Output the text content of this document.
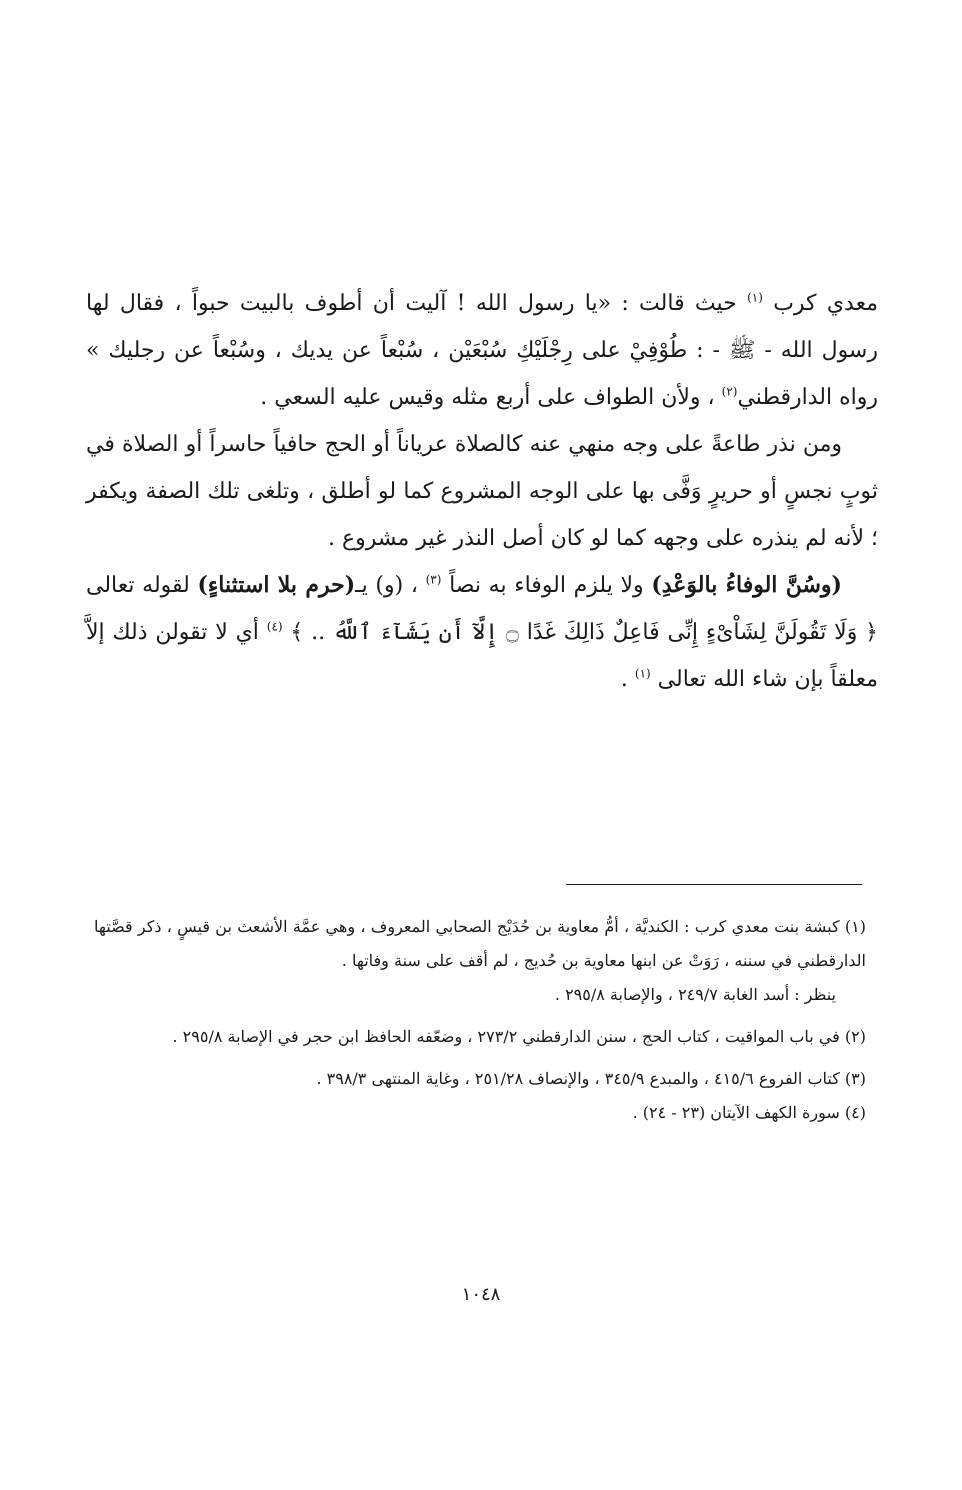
معدي كرب $^{(١)}$ حيث قالت : «يا رسول الله ! آليت أن أطوف بالبيت حبواً ، فقال لها رسول الله - ﷺ - : طُوْفِيْ على رِجْلَيْكِ سُبْعَيْن ، سُبْعاً عن يديك ، وسُبْعاً عن رجليك » رواه الدارقطني$^{(٢)}$ ، ولأن الطواف على أربع مثله وقيس عليه السعي .

ومن نذر طاعةً على وجه منهي عنه كالصلاة عرياناً أو الحج حافياً حاسراً أو الصلاة في ثوبٍ نجسٍ أو حريرٍ وَفَّى بها على الوجه المشروع كما لو أطلق ، وتلغى تلك الصفة ويكفر ؛ لأنه لم ينذره على وجهه كما لو كان أصل النذر غير مشروع .

(وسُنَّ الوفاءُ بالوَعْدِ) ولا يلزم الوفاء به نصاً $^{(٣)}$ ، (و) يـ(حرم بلا استثناءٍ) لقوله تعالى ﴿ وَلَا تَقُولَنَّ لِشَاْىْءٍ إِنِّى فَاعِلٌ ذَالِكَ غَدًا ۝ إِلَّآ أَن يَشَآءَ ٱللَّهُ .. ﴾ $^{(٤)}$ أي لا تقولن ذلك إلاَّ معلقاً بإن شاء الله تعالى $^{(١)}$ .

(١) كبشة بنت معدي كرب : الكنديَّة ، أمُّ معاوية بن حُدَيْج الصحابي المعروف ، وهي عمَّة الأشعث بن قيسٍ ، ذكر قصَّتها الدارقطني في سننه ، رَوَتْ عن ابنها معاوية بن حُديج ، لم أقف على سنة وفاتها .

ينظر : أسد الغابة ٢٤٩/٧ ، والإصابة ٢٩٥/٨ .

(٢) في باب المواقيت ، كتاب الحج ، سنن الدارقطني ٢٧٣/٢ ، وضعّفه الحافظ ابن حجر في الإصابة ٢٩٥/٨ .

(٣) كتاب الفروع ٤١٥/٦ ، والمبدع ٣٤٥/٩ ، والإنصاف ٢٥١/٢٨ ، وغاية المنتهى ٣٩٨/٣ .

(٤) سورة الكهف الآيتان (٢٣ - ٢٤) .

١٠٤٨
